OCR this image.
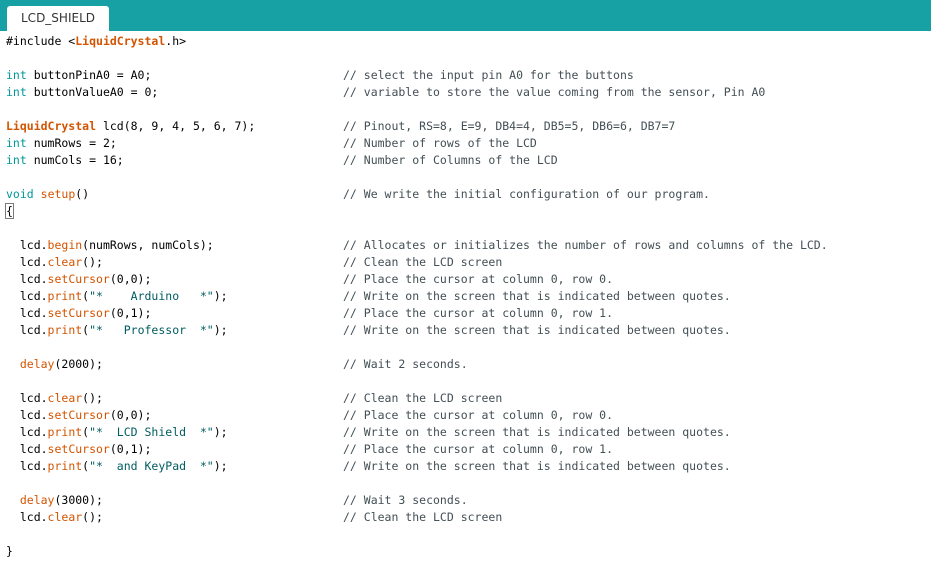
LCD_SHIELD
#include <LiquidCrystal.h>
int buttonPinA0 = A0;	// select the input pin A0 for the buttons
int buttonValueA0 = 0;	// variable to store the value coming from the sensor, Pin A0
LiquidCrystal lcd(8, 9, 4, 5, 6, 7);	// Pinout, RS=8, E=9, DB4=4, DB5=5, DB6=6, DB7=7
int numRows = 2;	// Number of rows of the LCD
int numCols = 16;	// Number of Columns of the LCD
void setup()	// We write the initial configuration of our program.
{
lcd.begin(numRows, numCols);	// Allocates or initializes the number of rows and columns of the LCD.
lcd.clear();	// Clean the LCD screen
lcd.setCursor(0,0);	// Place the cursor at column 0, row 0.
lcd.print("*    Arduino   *");	// Write on the screen that is indicated between quotes.
lcd.setCursor(0,1);	// Place the cursor at column 0, row 1.
lcd.print("*   Professor  *");	// Write on the screen that is indicated between quotes.
delay(2000);	// Wait 2 seconds.
lcd.clear();	// Clean the LCD screen
lcd.setCursor(0,0);	// Place the cursor at column 0, row 0.
lcd.print("*  LCD Shield  *");	// Write on the screen that is indicated between quotes.
lcd.setCursor(0,1);	// Place the cursor at column 0, row 1.
lcd.print("*  and KeyPad  *");	// Write on the screen that is indicated between quotes.
delay(3000);	// Wait 3 seconds.
lcd.clear();	// Clean the LCD screen
}
